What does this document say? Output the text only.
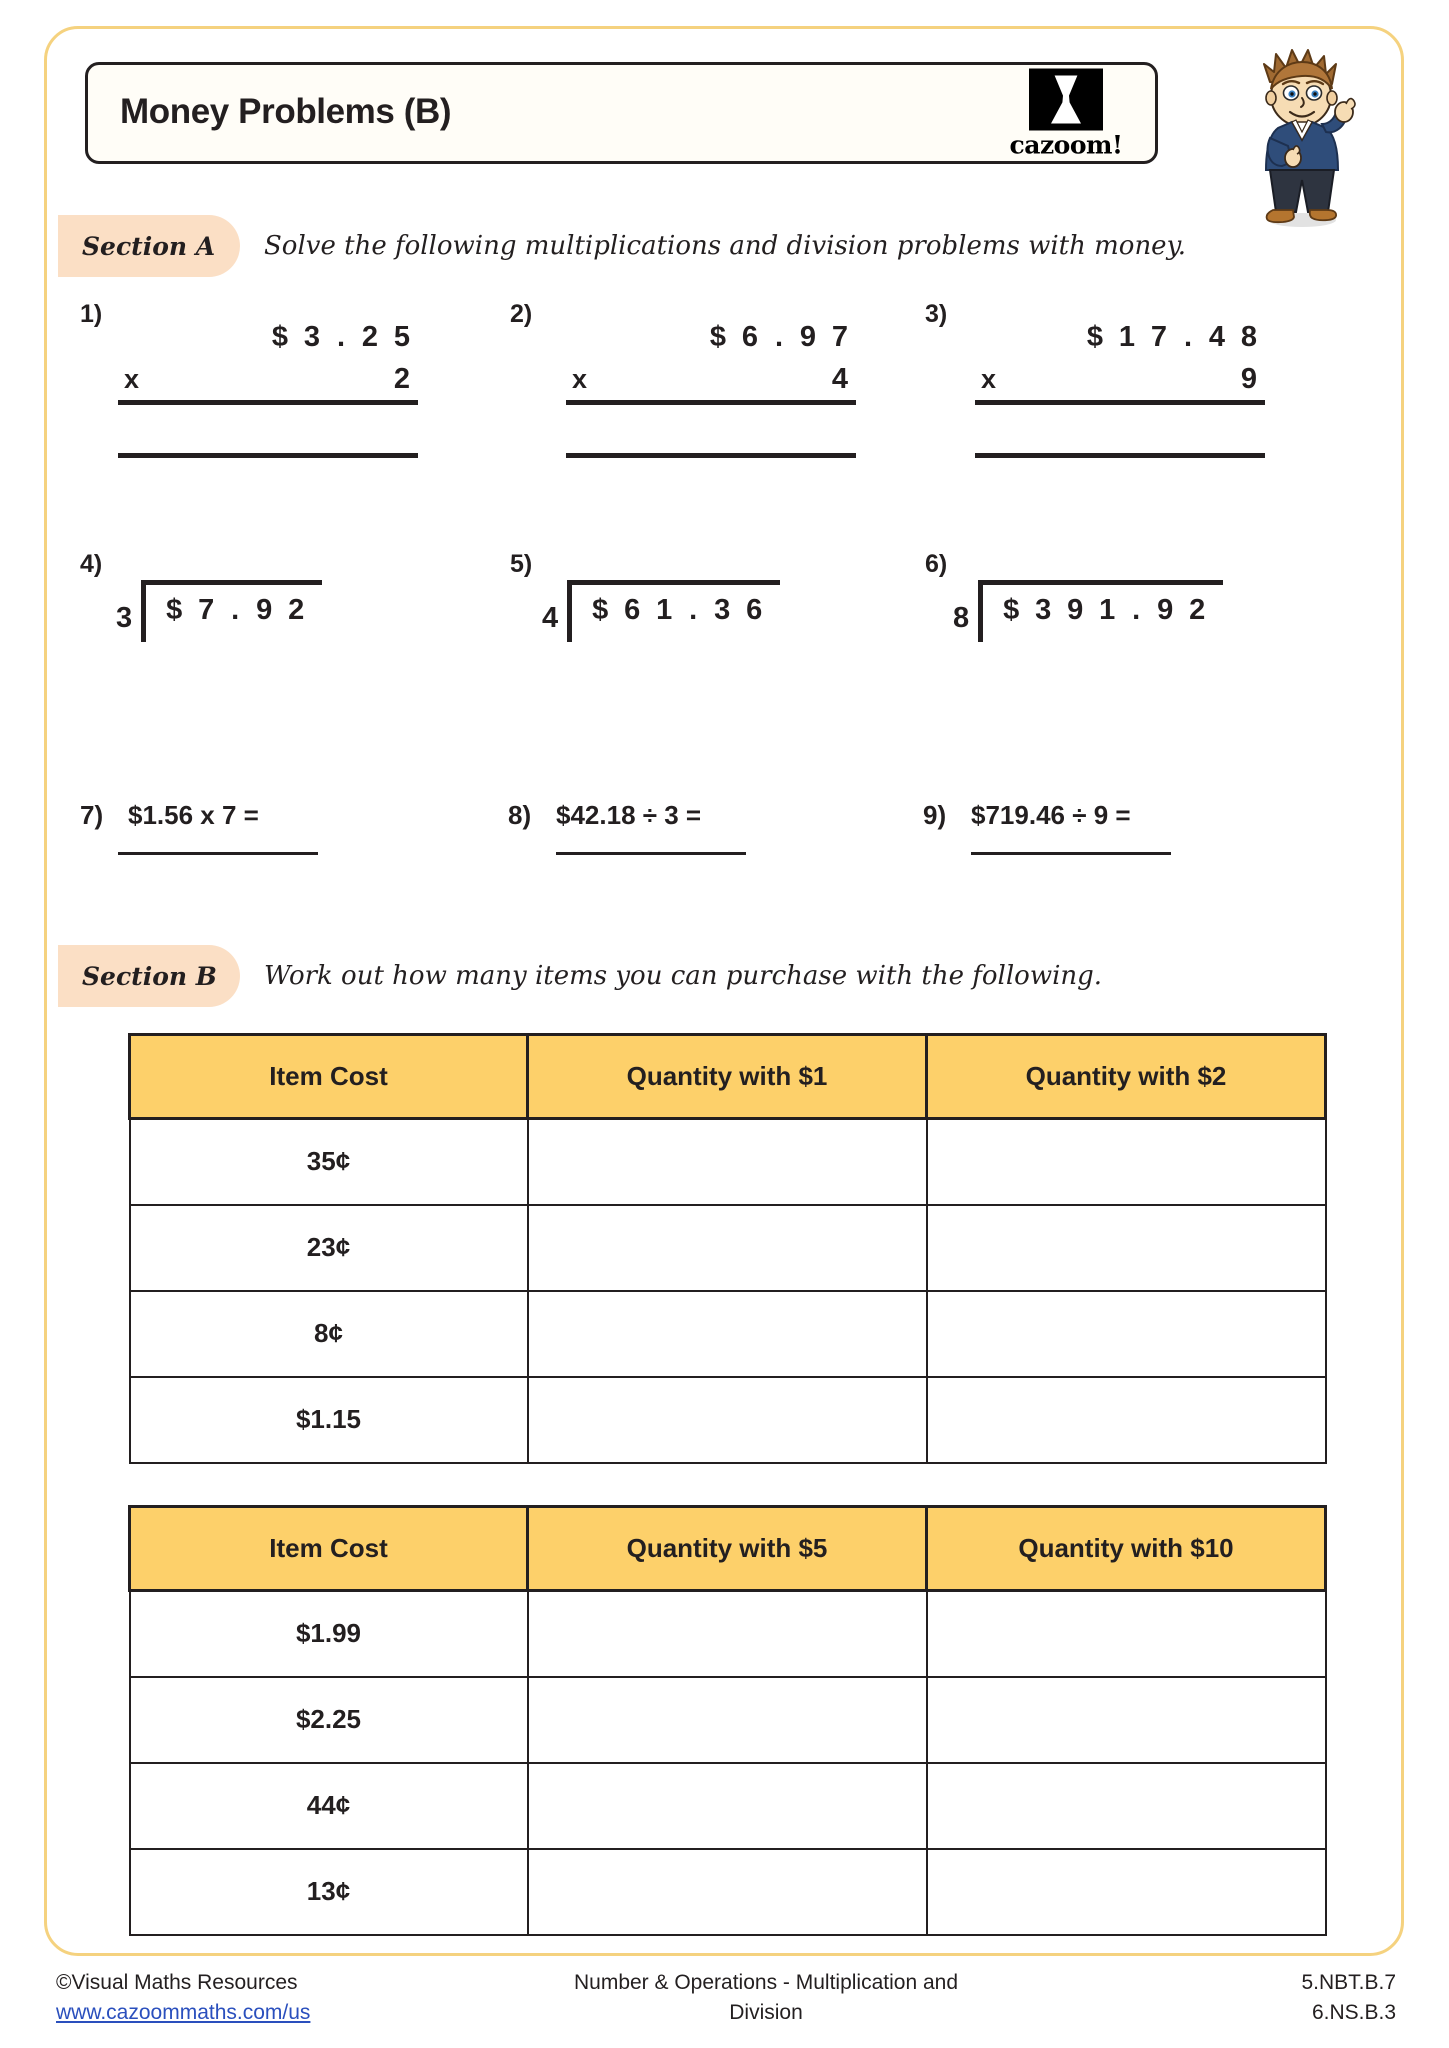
Money Problems (B)
cazoom!
Section A Solve the following multiplications and division problems with money.
1)
$ 3 . 2 5
x	2
2)
$ 6 . 9 7
x	4
3)
$ 1 7 . 4 8
x	9
4)
3	$ 7 . 9 2
5)
4	$ 6 1 . 3 6
6)
8	$ 3 9 1 . 9 2
7) $1.56 x 7 =	8) $42.18 ÷ 3 =	9) $719.46 ÷ 9 =
Section B Work out how many items you can purchase with the following.
Item Cost	Quantity with $1	Quantity with $2
35¢		
23¢		
8¢		
$1.15		
Item Cost	Quantity with $5	Quantity with $10
$1.99		
$2.25		
44¢		
13¢		
©Visual Maths Resources
www.cazoommaths.com/us
Number & Operations - Multiplication and
Division
5.NBT.B.7
6.NS.B.3
